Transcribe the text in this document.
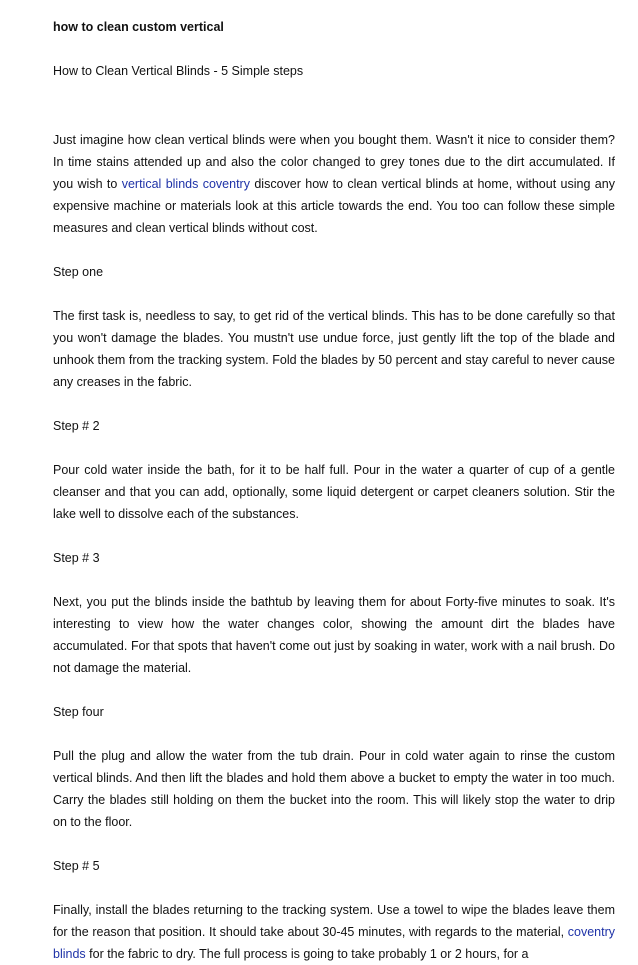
how to clean custom vertical

How to Clean Vertical Blinds - 5 Simple steps

Just imagine how clean vertical blinds were when you bought them. Wasn't it nice to consider them? In time stains attended up and also the color changed to grey tones due to the dirt accumulated. If you wish to vertical blinds coventry discover how to clean vertical blinds at home, without using any expensive machine or materials look at this article towards the end. You too can follow these simple measures and clean vertical blinds without cost.

Step one

The first task is, needless to say, to get rid of the vertical blinds. This has to be done carefully so that you won't damage the blades. You mustn't use undue force, just gently lift the top of the blade and unhook them from the tracking system. Fold the blades by 50 percent and stay careful to never cause any creases in the fabric.

Step # 2

Pour cold water inside the bath, for it to be half full. Pour in the water a quarter of cup of a gentle cleanser and that you can add, optionally, some liquid detergent or carpet cleaners solution. Stir the lake well to dissolve each of the substances.

Step # 3

Next, you put the blinds inside the bathtub by leaving them for about Forty-five minutes to soak. It's interesting to view how the water changes color, showing the amount dirt the blades have accumulated. For that spots that haven't come out just by soaking in water, work with a nail brush. Do not damage the material.

Step four

Pull the plug and allow the water from the tub drain. Pour in cold water again to rinse the custom vertical blinds. And then lift the blades and hold them above a bucket to empty the water in too much. Carry the blades still holding on them the bucket into the room. This will likely stop the water to drip on to the floor.

Step # 5

Finally, install the blades returning to the tracking system. Use a towel to wipe the blades leave them for the reason that position. It should take about 30-45 minutes, with regards to the material, coventry blinds for the fabric to dry. The full process is going to take probably 1 or 2 hours, for a
